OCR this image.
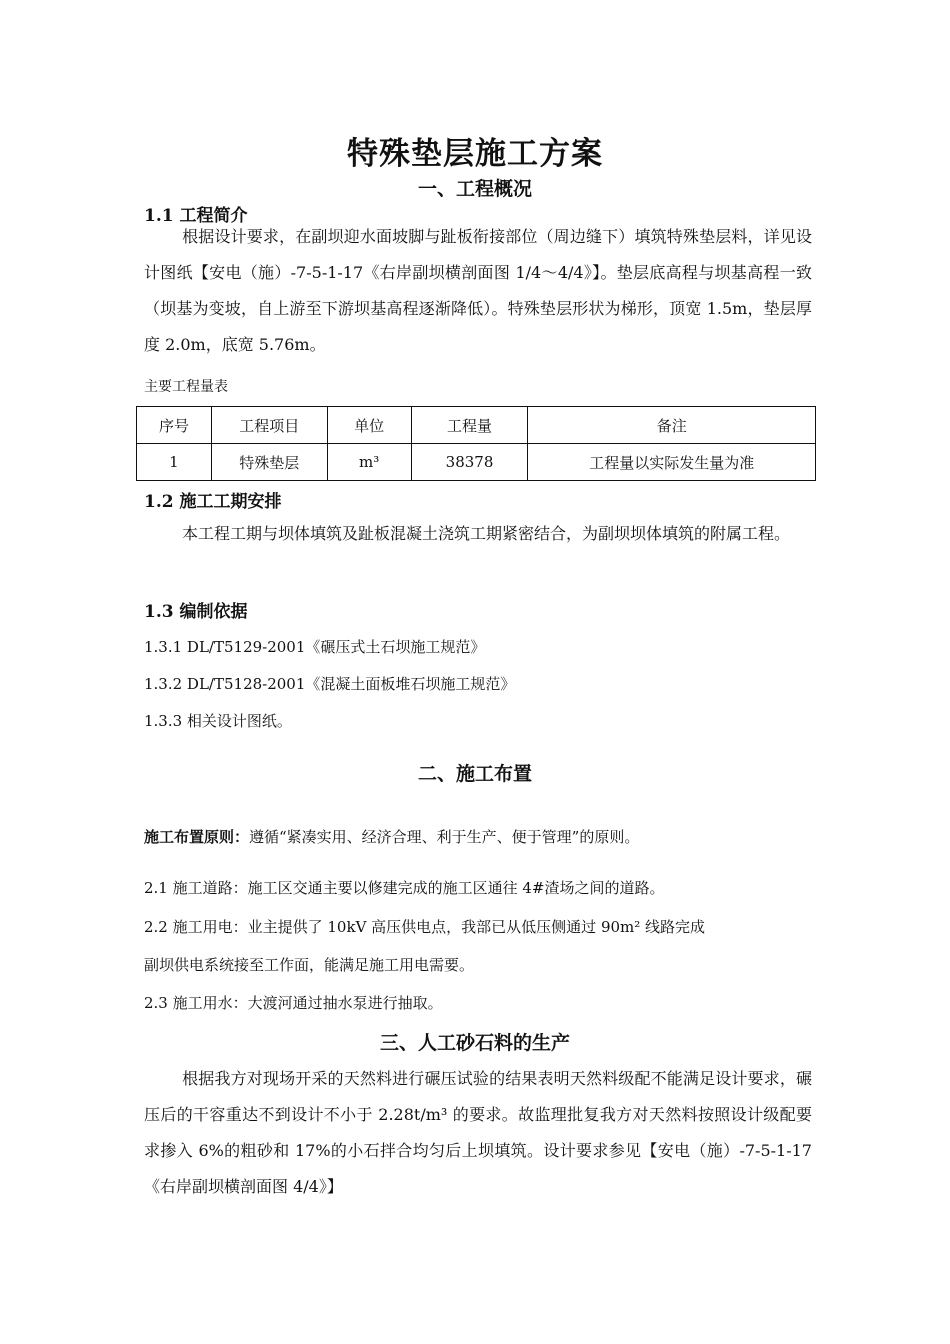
特殊垫层施工方案
一、工程概况
1.1 工程简介
根据设计要求，在副坝迎水面坡脚与趾板衔接部位（周边缝下）填筑特殊垫层料，详见设计图纸【安电（施）-7-5-1-17《右岸副坝横剖面图 1/4～4/4》】。垫层底高程与坝基高程一致（坝基为变坡，自上游至下游坝基高程逐渐降低）。特殊垫层形状为梯形，顶宽 1.5m，垫层厚度 2.0m，底宽 5.76m。
主要工程量表
序号	工程项目	单位	工程量	备注
1	特殊垫层	m³	38378	工程量以实际发生量为准
1.2 施工工期安排
本工程工期与坝体填筑及趾板混凝土浇筑工期紧密结合，为副坝坝体填筑的附属工程。
1.3 编制依据
1.3.1 DL/T5129-2001《碾压式土石坝施工规范》
1.3.2 DL/T5128-2001《混凝土面板堆石坝施工规范》
1.3.3 相关设计图纸。
二、施工布置
施工布置原则：遵循“紧凑实用、经济合理、利于生产、便于管理”的原则。
2.1 施工道路：施工区交通主要以修建完成的施工区通往 4#渣场之间的道路。
2.2 施工用电：业主提供了 10kV 高压供电点，我部已从低压侧通过 90m² 线路完成
副坝供电系统接至工作面，能满足施工用电需要。
2.3 施工用水：大渡河通过抽水泵进行抽取。
三、人工砂石料的生产
根据我方对现场开采的天然料进行碾压试验的结果表明天然料级配不能满足设计要求，碾压后的干容重达不到设计不小于 2.28t/m³ 的要求。故监理批复我方对天然料按照设计级配要求掺入 6%的粗砂和 17%的小石拌合均匀后上坝填筑。设计要求参见【安电（施）-7-5-1-17《右岸副坝横剖面图 4/4》】
